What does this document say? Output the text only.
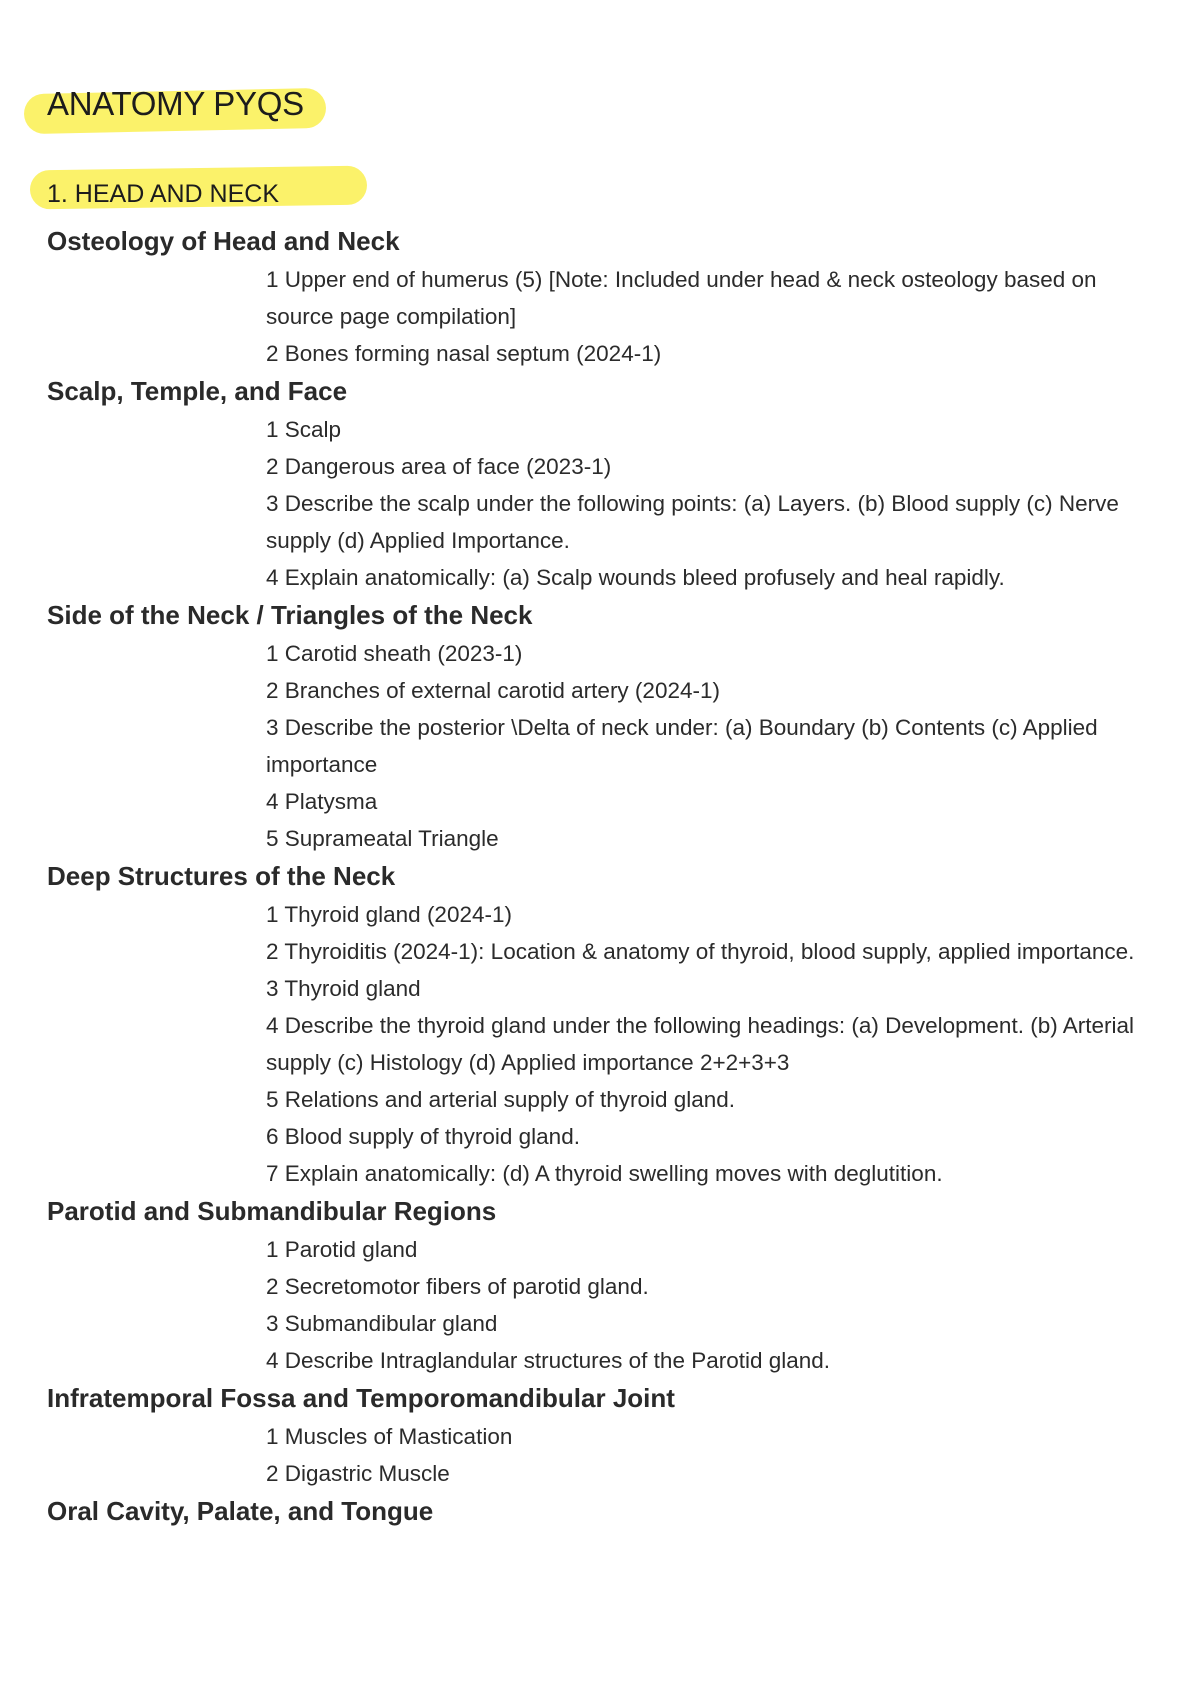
ANATOMY PYQS
1. HEAD AND NECK
Osteology of Head and Neck
1 Upper end of humerus (5) [Note: Included under head & neck osteology based on source page compilation]
2 Bones forming nasal septum (2024-1)
Scalp, Temple, and Face
1 Scalp
2 Dangerous area of face (2023-1)
3 Describe the scalp under the following points: (a) Layers. (b) Blood supply (c) Nerve supply (d) Applied Importance.
4 Explain anatomically: (a) Scalp wounds bleed profusely and heal rapidly.
Side of the Neck / Triangles of the Neck
1 Carotid sheath (2023-1)
2 Branches of external carotid artery (2024-1)
3 Describe the posterior \Delta of neck under: (a) Boundary (b) Contents (c) Applied importance
4 Platysma
5 Suprameatal Triangle
Deep Structures of the Neck
1 Thyroid gland (2024-1)
2 Thyroiditis (2024-1): Location & anatomy of thyroid, blood supply, applied importance.
3 Thyroid gland
4 Describe the thyroid gland under the following headings: (a) Development. (b) Arterial supply (c) Histology (d) Applied importance 2+2+3+3
5 Relations and arterial supply of thyroid gland.
6 Blood supply of thyroid gland.
7 Explain anatomically: (d) A thyroid swelling moves with deglutition.
Parotid and Submandibular Regions
1 Parotid gland
2 Secretomotor fibers of parotid gland.
3 Submandibular gland
4 Describe Intraglandular structures of the Parotid gland.
Infratemporal Fossa and Temporomandibular Joint
1 Muscles of Mastication
2 Digastric Muscle
Oral Cavity, Palate, and Tongue
